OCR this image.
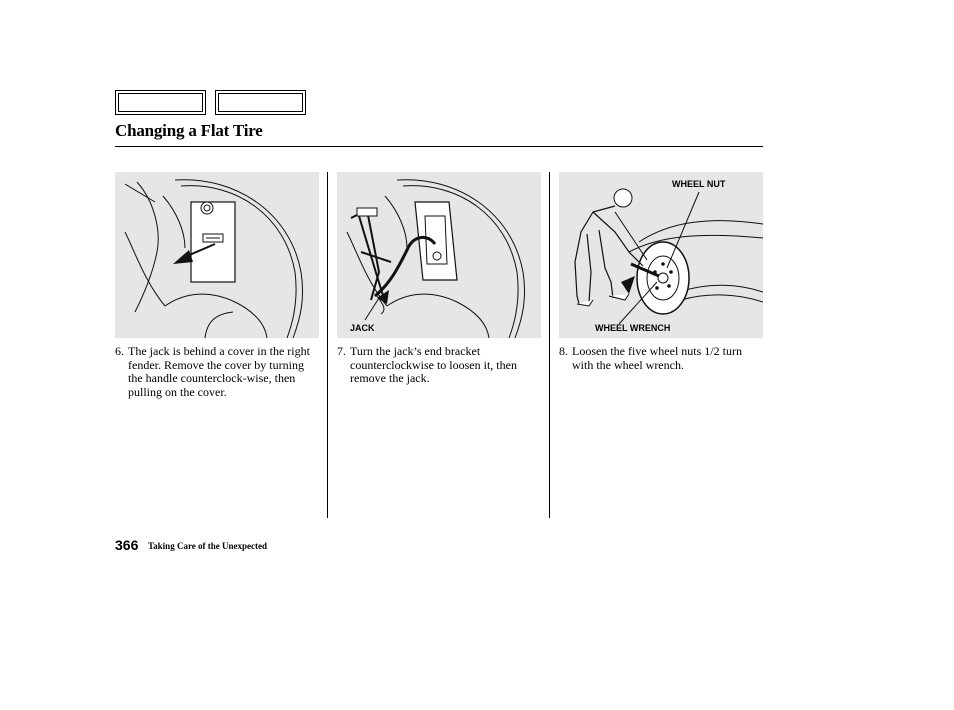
Changing a Flat Tire
JACK
WHEEL NUT
WHEEL WRENCH
6. The jack is behind a cover in the right fender. Remove the cover by turning the handle counterclock-wise, then pulling on the cover.
7. Turn the jack’s end bracket counterclockwise to loosen it, then remove the jack.
8. Loosen the five wheel nuts 1/2 turn with the wheel wrench.
366 Taking Care of the Unexpected
